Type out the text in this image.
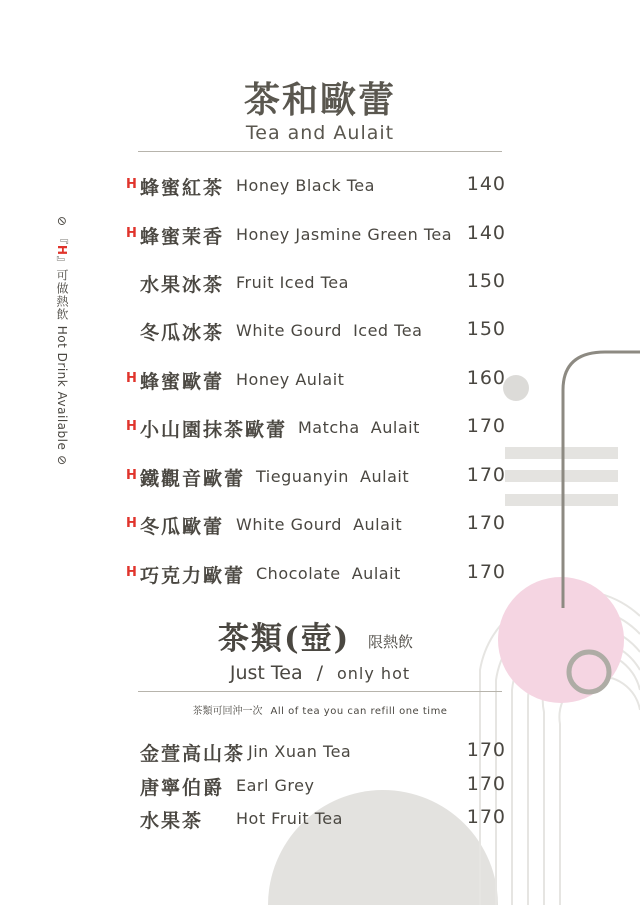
⊘ 『H』可做熱飲 Hot Drink Available ⊘
茶和歐蕾
Tea and Aulait
H 蜂蜜紅茶 Honey Black Tea	140
H 蜂蜜茉香 Honey Jasmine Green Tea 140
水果冰茶 Fruit Iced Tea	150
冬瓜冰茶 White Gourd  Iced Tea 150
H 蜂蜜歐蕾 Honey Aulait	160
H 小山園抹茶歐蕾 Matcha  Aulait 170
H 鐵觀音歐蕾 Tieguanyin  Aulait	170
H 冬瓜歐蕾 White Gourd  Aulait	170
H 巧克力歐蕾 Chocolate  Aulait	170
茶類(壺) 限熱飲
Just Tea / only hot
茶類可回沖一次 All of tea you can refill one time
金萱高山茶 Jin Xuan Tea	170
唐寧伯爵 Earl Grey	170
水果茶 Hot Fruit Tea	170
